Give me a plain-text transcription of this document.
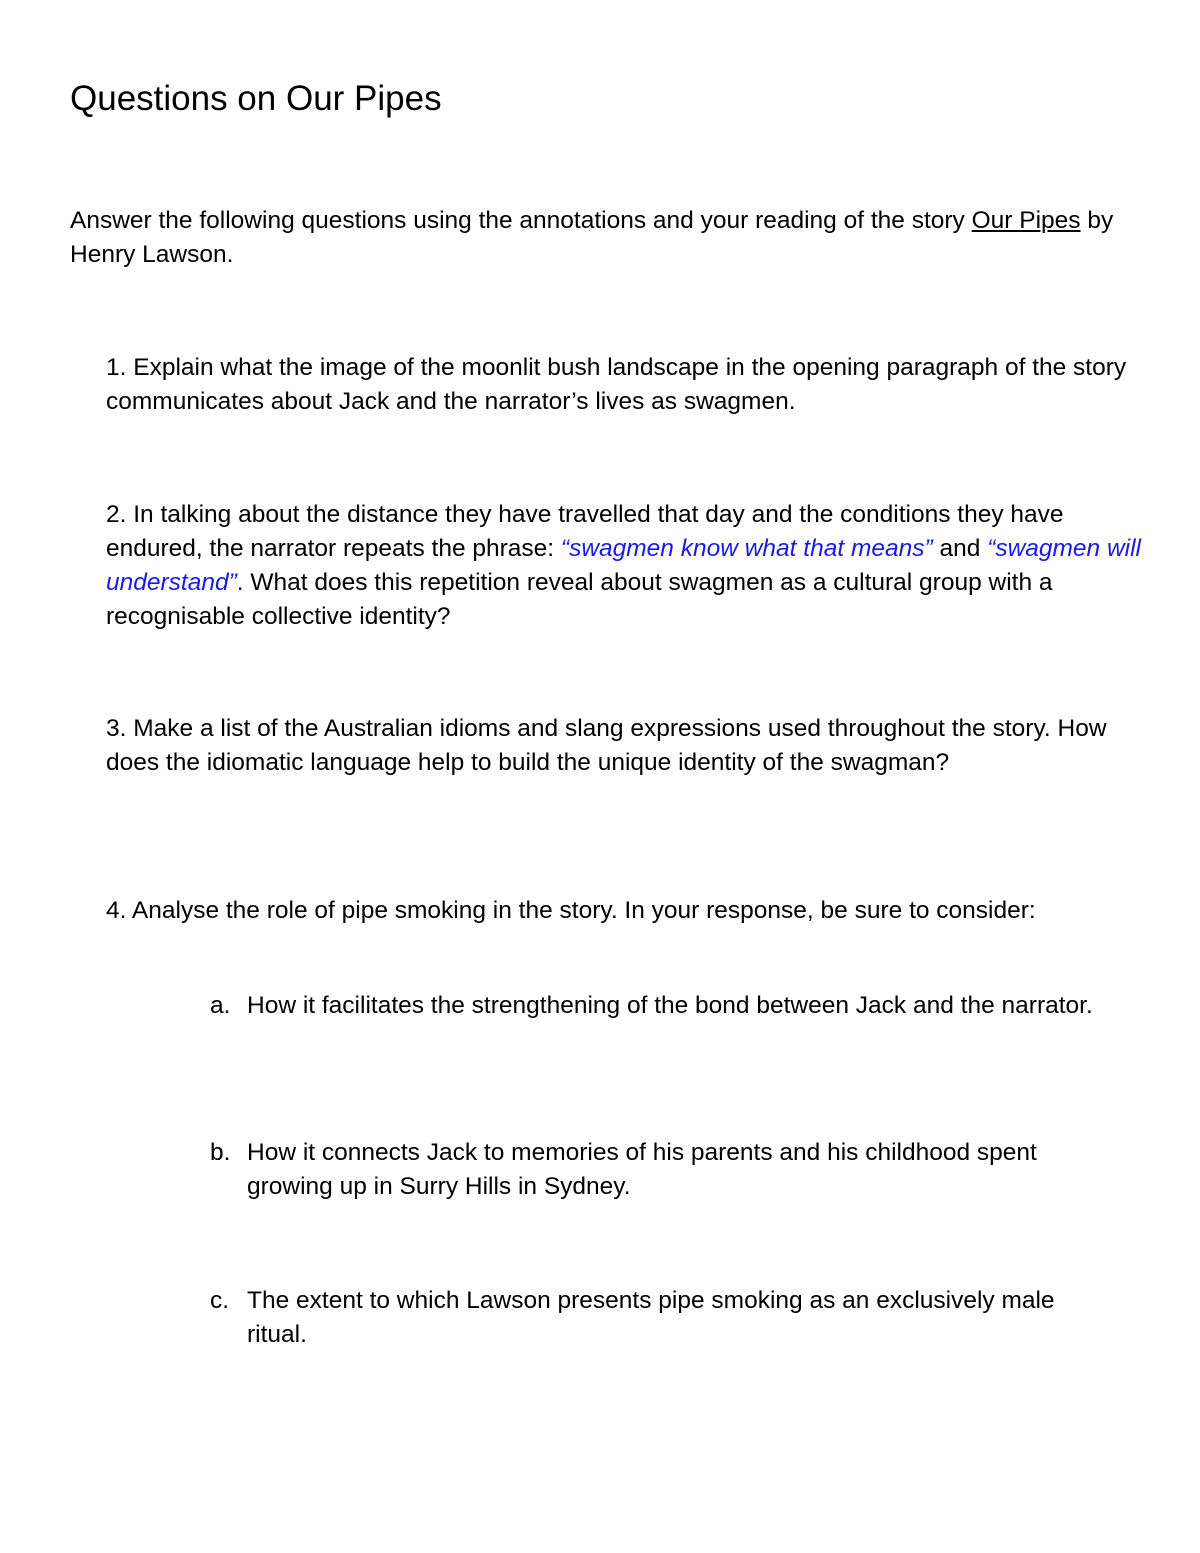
Questions on Our Pipes

Answer the following questions using the annotations and your reading of the story Our Pipes by Henry Lawson.

1. Explain what the image of the moonlit bush landscape in the opening paragraph of the story communicates about Jack and the narrator’s lives as swagmen.

2. In talking about the distance they have travelled that day and the conditions they have endured, the narrator repeats the phrase: “swagmen know what that means” and “swagmen will understand”. What does this repetition reveal about swagmen as a cultural group with a recognisable collective identity?

3. Make a list of the Australian idioms and slang expressions used throughout the story. How does the idiomatic language help to build the unique identity of the swagman?

4. Analyse the role of pipe smoking in the story. In your response, be sure to consider:

a. How it facilitates the strengthening of the bond between Jack and the narrator.
b. How it connects Jack to memories of his parents and his childhood spent growing up in Surry Hills in Sydney.
c. The extent to which Lawson presents pipe smoking as an exclusively male ritual.
